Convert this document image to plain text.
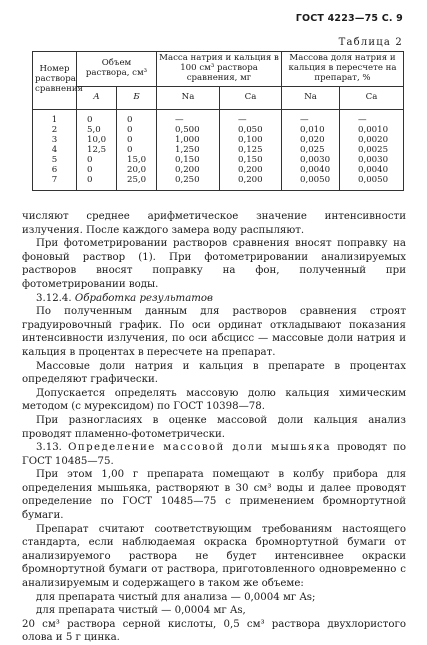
ГОСТ 4223—75 С. 9
Таблица 2
Номер раствора сравнения	Объем раствора, см³		Масса натрия и кальция в 100 см³ раствора сравнения, мг		Массова доля натрия и кальция в пересчете на препарат, %	
	А	Б	Na	Ca	Na	Ca
1	0	0	—	—	—	—
2	5,0	0	0,500	0,050	0,010	0,0010
3	10,0	0	1,000	0,100	0,020	0,0020
4	12,5	0	1,250	0,125	0,025	0,0025
5	0	15,0	0,150	0,150	0,0030	0,0030
6	0	20,0	0,200	0,200	0,0040	0,0040
7	0	25,0	0,250	0,200	0,0050	0,0050

числяют среднее арифметическое значение интенсивности излучения. После каждого замера воду распыляют.

При фотометрировании растворов сравнения вносят поправку на фоновый раствор (1). При фотометрировании анализируемых растворов вносят поправку на фон, полученный при фотометрировании воды.

3.12.4. Обработка результатов

По полученным данным для растворов сравнения строят градуировочный график. По оси ординат откладывают показания интенсивности излучения, по оси абсцисс — массовые доли натрия и кальция в процентах в пересчете на препарат.

Массовые доли натрия и кальция в препарате в процентах определяют графически.

Допускается определять массовую долю кальция химическим методом (с мурексидом) по ГОСТ 10398—78.

При разногласиях в оценке массовой доли кальция анализ проводят пламенно-фотометрически.

3.13. Определение массовой доли мышьяка проводят по ГОСТ 10485—75.

При этом 1,00 г препарата помещают в колбу прибора для определения мышьяка, растворяют в 30 см³ воды и далее проводят определение по ГОСТ 10485—75 с применением бромнортутной бумаги.

Препарат считают соответствующим требованиям настоящего стандарта, если наблюдаемая окраска бромнортутной бумаги от анализируемого раствора не будет интенсивнее окраски бромнортутной бумаги от раствора, приготовленного одновременно с анализируемым и содержащего в таком же объеме:

для препарата чистый для анализа — 0,0004 мг As;

для препарата чистый — 0,0004 мг As,

20 см³ раствора серной кислоты, 0,5 см³ раствора двухлористого олова и 5 г цинка.
